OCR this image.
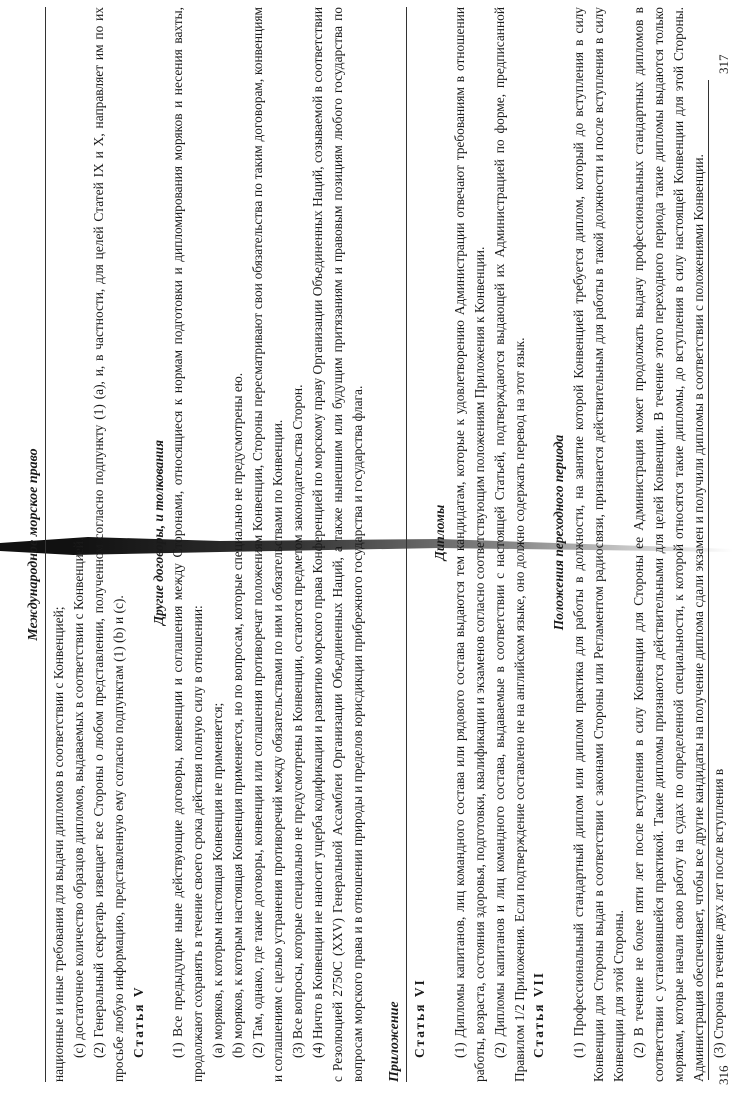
Международное морское право

национные и иные требования для выдачи дипломов в соответствии с Конвенцией; (c) достаточное количество образцов дипломов, выдаваемых в соответствии с Конвенцией. (2) Генеральный секретарь извещает все Стороны о любом представлении, полученном согласно подпункту (1) (a), и, в частности, для целей Статей IX и X, направляет им по их просьбе любую информацию, представленную ему согласно подпунктам (1) (b) и (c). Статья V

Другие договоры, и толкования (1) Все предыдущие ныне действующие договоры, конвенции и соглашения между Сторонами, относящиеся к нормам подготовки и дипломирования моряков и несения вахты, продолжают сохранять в течение своего срока действия полную силу в отношении: (a) моряков, к которым настоящая Конвенция не применяется; (b) моряков, к которым настоящая Конвенция применяется, но по вопросам, которые специально не предусмотрены ею. (2) Там, однако, где такие договоры, конвенции или соглашения противоречат положениям Конвенции, Стороны пересматривают свои обязательства по таким договорам, конвенциям и соглашениям с целью устранения противоречий между обязательствами по ним и обязательствами по Конвенции. (3) Все вопросы, которые специально не предусмотрены в Конвенции, остаются предметом законодательства Сторон. (4) Ничто в Конвенции не наносит ущерба кодификации и развитию морского права Конференцией по морскому праву Организации Объединенных Наций, созываемой в соответствии с Резолюцией 2750C (XXV) Генеральной Ассамблеи Организации Объединенных Наций, а также нынешним или будущим притязаниям и правовым позициям любого государства по вопросам морского права и в отношении природы и пределов юрисдикции прибрежного государства и государства флага. Приложение Статья VI

Дипломы (1) Дипломы капитанов, лиц командного состава или рядового состава выдаются тем кандидатам, которые к удовлетворению Администрации отвечают требованиям в отношении работы, возраста, состояния здоровья, подготовки, квалификации и экзаменов согласно соответствующим положениям Приложения к Конвенции. (2) Дипломы капитанов и лиц командного состава, выдаваемые в соответствии с настоящей Статьей, подтверждаются выдающей их Администрацией по форме, предписанной Правилом 1/2 Приложения. Если подтверждение составлено не на английском языке, оно должно содержать перевод на этот язык. Статья VII

Положения переходного периода (1) Профессиональный стандартный диплом или диплом практика для работы в должности, на занятие которой Конвенцией требуется диплом, который до вступления в силу Конвенции для Стороны выдан в соответствии с законами Стороны или Регламентом радиосвязи, признается действительным для работы в такой должности и после вступления в силу Конвенции для этой Стороны. (2) В течение не более пяти лет после вступления в силу Конвенции для Стороны ее Администрация может продолжать выдачу профессиональных стандартных дипломов в соответствии с установившейся практикой. Такие дипломы признаются действительными для целей Конвенции. В течение этого переходного периода такие дипломы выдаются только морякам, которые начали свою работу на судах по определенной специальности, к которой относятся такие дипломы, до вступления в силу настоящей Конвенции для этой Стороны. Администрация обеспечивает, чтобы все другие кандидаты на получение диплома сдали экзамен и получили дипломы в соответствии с положениями Конвенции. (3) Сторона в течение двух лет после вступления в

316
317
